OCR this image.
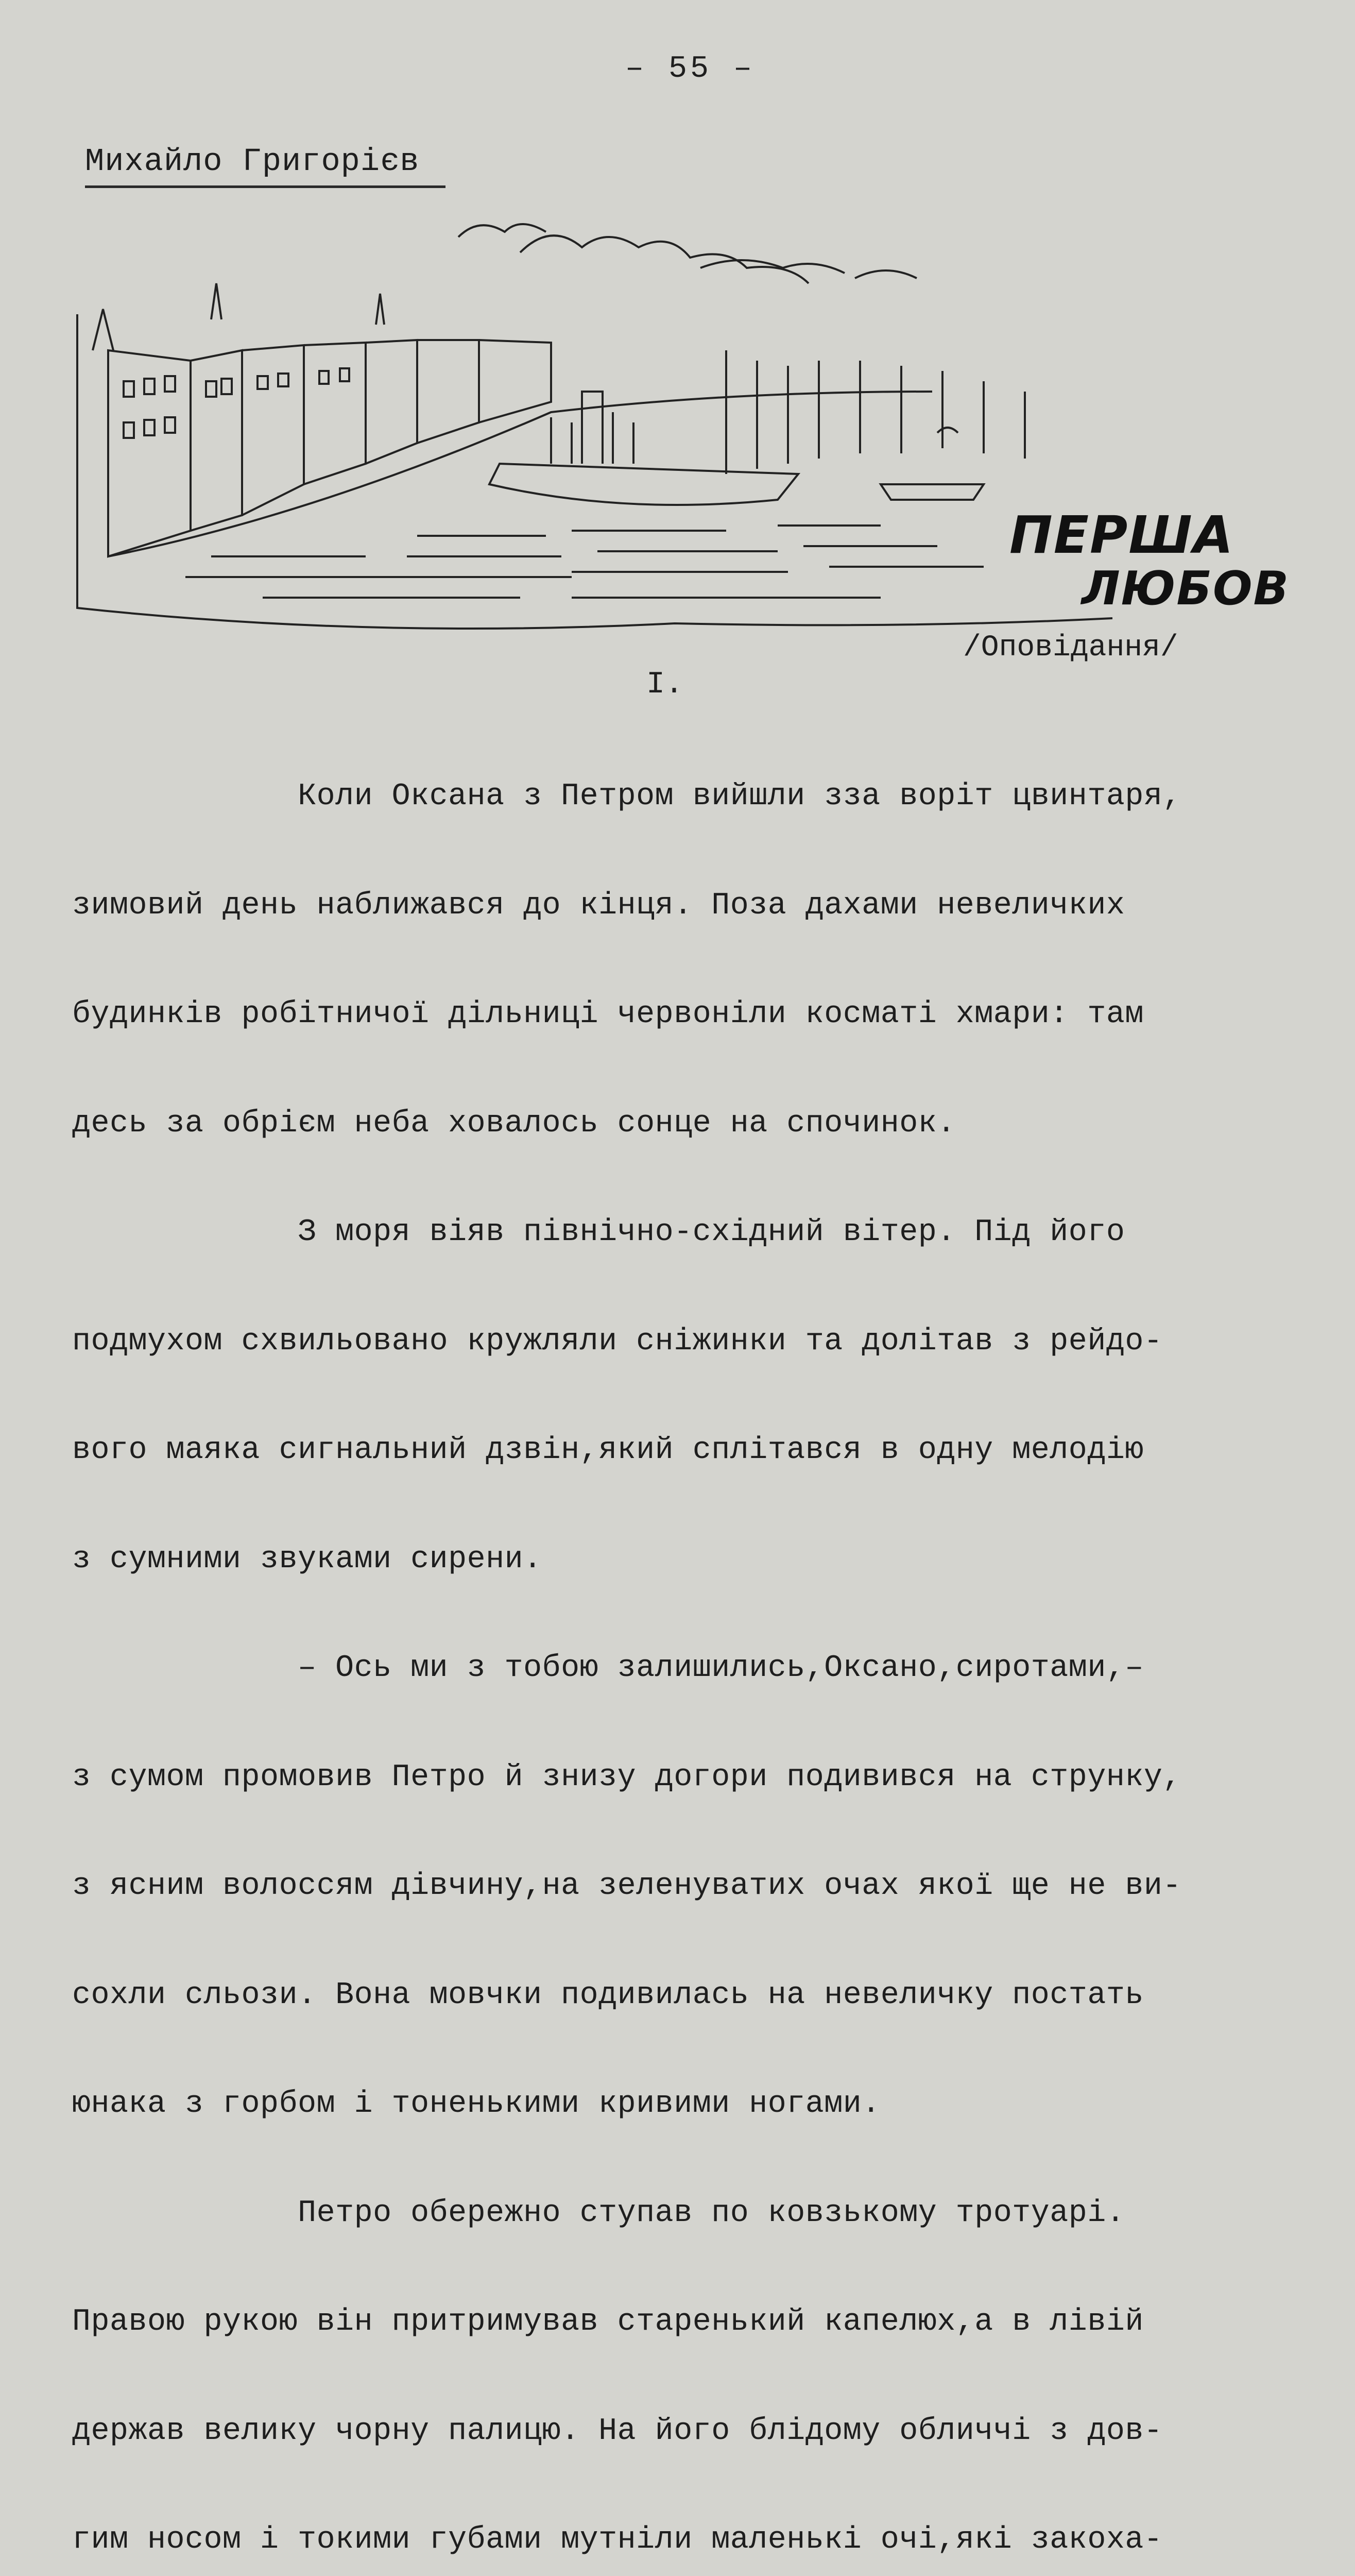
– 55 –
Михайло Григорієв
ПЕРША
ЛЮБОВ
/Оповідання/
I.

Коли Оксана з Петром вийшли зза воріт цвинтаря,

зимовий день наближався до кінця. Поза дахами невеличких

будинків робітничої дільниці червоніли косматі хмари: там

десь за обрієм неба ховалось сонце на спочинок.

З моря віяв північно-східний вітер. Під його

подмухом схвильовано кружляли сніжинки та долітав з рейдо-

вого маяка сигнальний дзвін,який сплітався в одну мелодію

з сумними звуками сирени.

– Ось ми з тобою залишились,Оксано,сиротами,–

з сумом промовив Петро й знизу догори подивився на струнку,

з ясним волоссям дівчину,на зеленуватих очах якої ще не ви-

сохли сльози. Вона мовчки подивилась на невеличку постать

юнака з горбом і тоненькими кривими ногами.

Петро обережно ступав по ковзькому тротуарі.

Правою рукою він притримував старенький капелюх,а в лівій

держав велику чорну палицю. На його блідому обличчі з дов-

гим носом і токими губами мутніли маленькі очі,які закоха-
